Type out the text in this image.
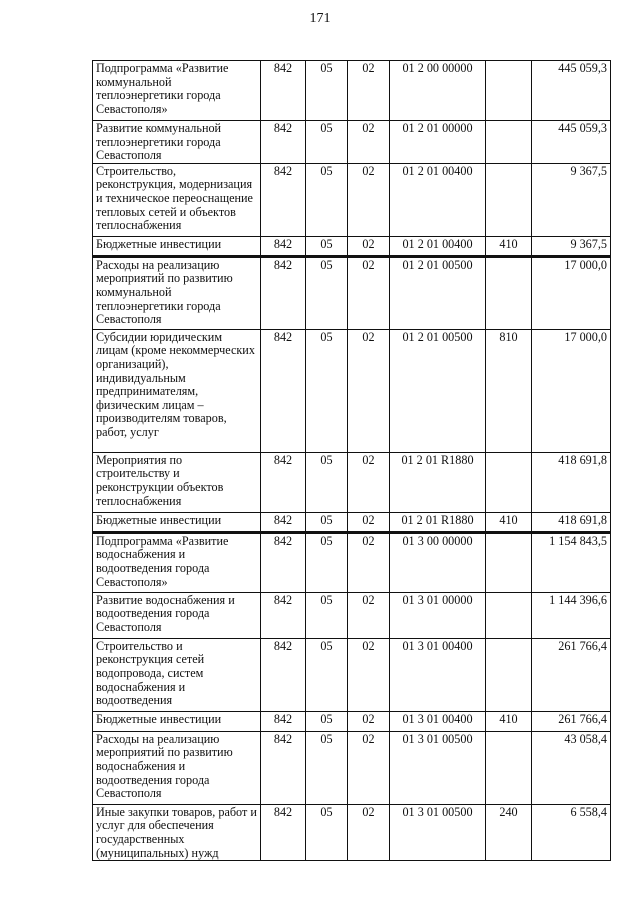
171
Подпрограмма «Развитие коммунальной теплоэнергетики города Севастополя»	842	05	02	01 2 00 00000		445 059,3
Развитие коммунальной теплоэнергетики города Севастополя	842	05	02	01 2 01 00000		445 059,3
Строительство, реконструкция, модернизация и техническое переоснащение тепловых сетей и объектов теплоснабжения	842	05	02	01 2 01 00400		9 367,5
Бюджетные инвестиции	842	05	02	01 2 01 00400	410	9 367,5
Расходы на реализацию мероприятий по развитию коммунальной теплоэнергетики города Севастополя	842	05	02	01 2 01 00500		17 000,0
Субсидии юридическим лицам (кроме некоммерческих организаций), индивидуальным предпринимателям, физическим лицам – производителям товаров, работ, услуг	842	05	02	01 2 01 00500	810	17 000,0
Мероприятия по строительству и реконструкции объектов теплоснабжения	842	05	02	01 2 01 R1880		418 691,8
Бюджетные инвестиции	842	05	02	01 2 01 R1880	410	418 691,8
Подпрограмма «Развитие водоснабжения и водоотведения города Севастополя»	842	05	02	01 3 00 00000		1 154 843,5
Развитие водоснабжения и водоотведения города Севастополя	842	05	02	01 3 01 00000		1 144 396,6
Строительство и реконструкция сетей водопровода, систем водоснабжения и водоотведения	842	05	02	01 3 01 00400		261 766,4
Бюджетные инвестиции	842	05	02	01 3 01 00400	410	261 766,4
Расходы на реализацию мероприятий по развитию водоснабжения и водоотведения города Севастополя	842	05	02	01 3 01 00500		43 058,4
Иные закупки товаров, работ и услуг для обеспечения государственных (муниципальных) нужд	842	05	02	01 3 01 00500	240	6 558,4
